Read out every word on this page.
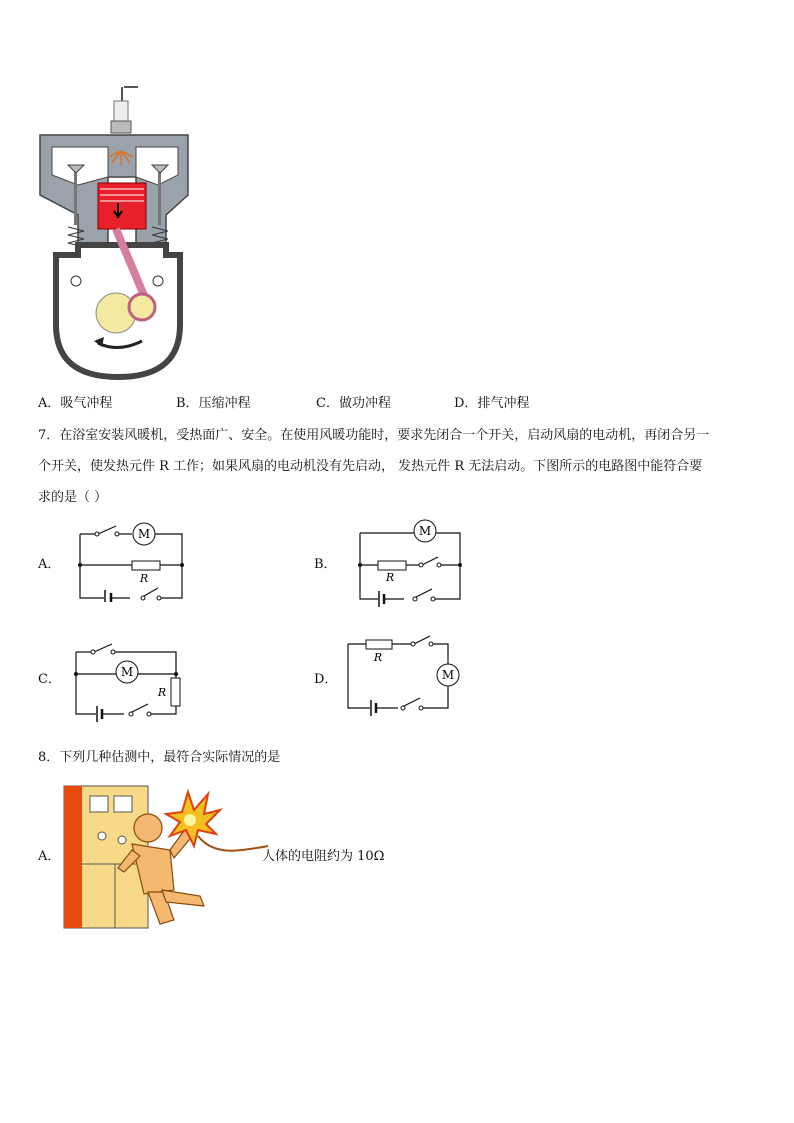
A．吸气冲程	B．压缩冲程	C．做功冲程	D．排气冲程
7．在浴室安装风暖机，受热面广、安全。在使用风暖功能时，要求先闭合一个开关，启动风扇的电动机，再闭合另一
个开关，使发热元件 R 工作；如果风扇的电动机没有先启动， 发热元件 R 无法启动。下图所示的电路图中能符合要
求的是（ ）
A．
M
R
B．
M
R
C．	M
R
D．
R
M
8．下列几种估测中，最符合实际情况的是
A．	人体的电阻约为 10Ω
